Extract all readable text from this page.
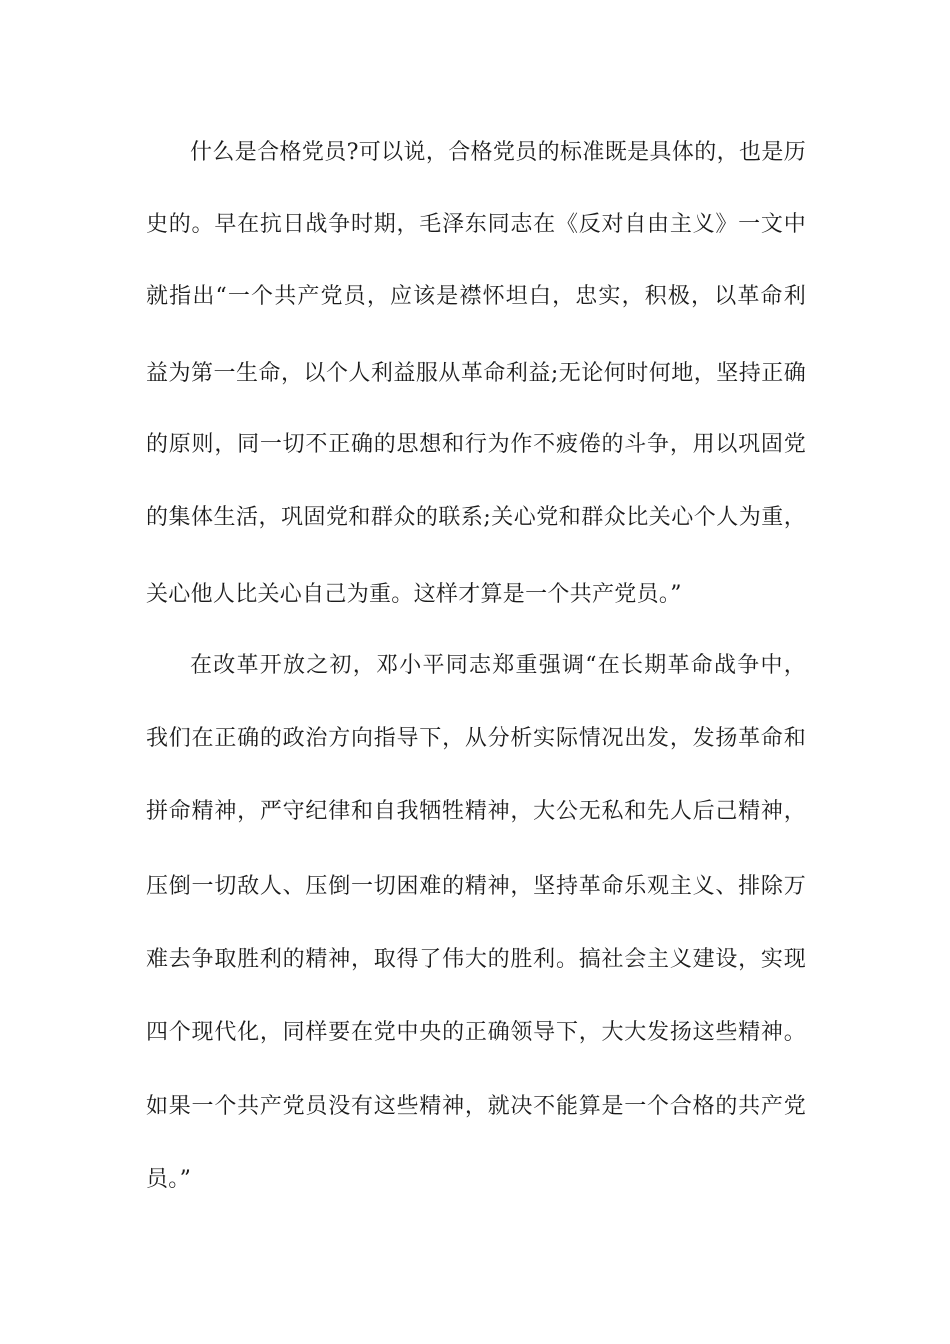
什么是合格党员?可以说，合格党员的标准既是具体的，也是历
史的。早在抗日战争时期，毛泽东同志在《反对自由主义》一文中
就指出“一个共产党员，应该是襟怀坦白，忠实，积极，以革命利
益为第一生命，以个人利益服从革命利益;无论何时何地，坚持正确
的原则，同一切不正确的思想和行为作不疲倦的斗争，用以巩固党
的集体生活，巩固党和群众的联系;关心党和群众比关心个人为重，
关心他人比关心自己为重。这样才算是一个共产党员。”
在改革开放之初，邓小平同志郑重强调“在长期革命战争中，
我们在正确的政治方向指导下，从分析实际情况出发，发扬革命和
拼命精神，严守纪律和自我牺牲精神，大公无私和先人后己精神，
压倒一切敌人、压倒一切困难的精神，坚持革命乐观主义、排除万
难去争取胜利的精神，取得了伟大的胜利。搞社会主义建设，实现
四个现代化，同样要在党中央的正确领导下，大大发扬这些精神。
如果一个共产党员没有这些精神，就决不能算是一个合格的共产党
员。”
